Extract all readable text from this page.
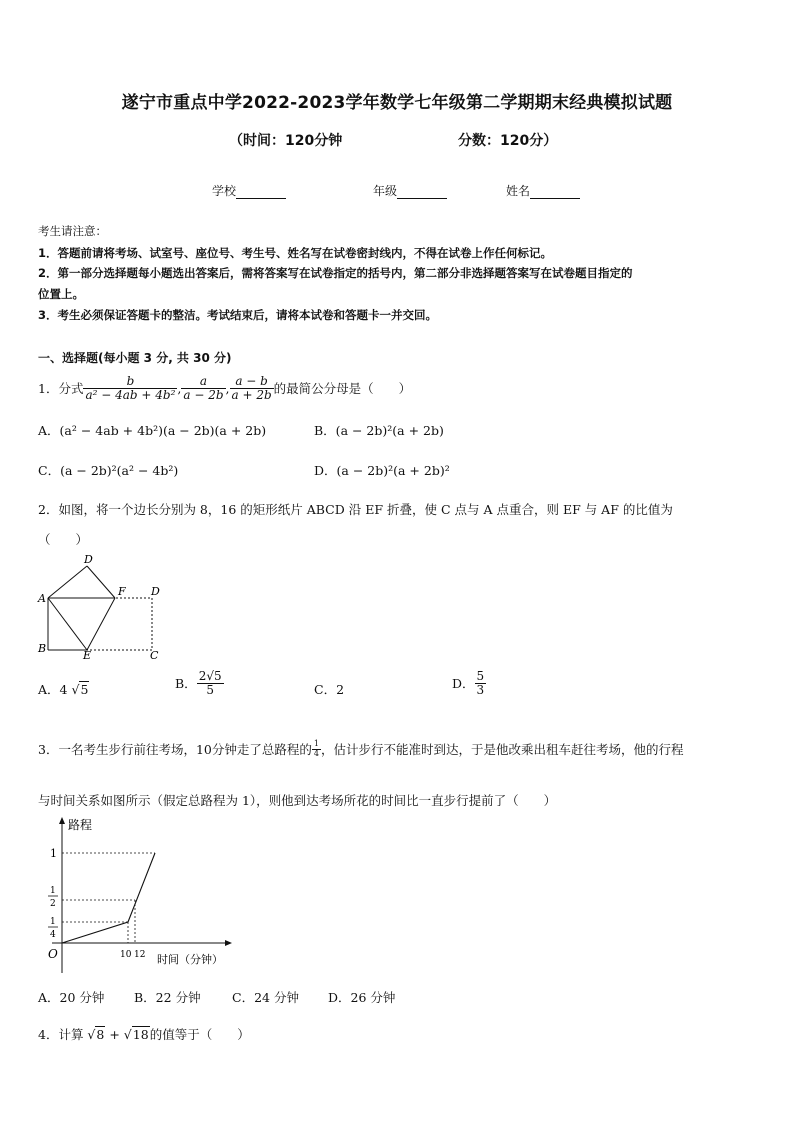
遂宁市重点中学2022-2023学年数学七年级第二学期期末经典模拟试题
（时间：120分钟	分数：120分）
学校	年级	姓名
考生请注意：
1．答题前请将考场、试室号、座位号、考生号、姓名写在试卷密封线内，不得在试卷上作任何标记。
2．第一部分选择题每小题选出答案后，需将答案写在试卷指定的括号内，第二部分非选择题答案写在试卷题目指定的
位置上。
3．考生必须保证答题卡的整洁。考试结束后，请将本试卷和答题卡一并交回。
一、选择题(每小题 3 分, 共 30 分)
1．分式 $\frac{b}{\text{a² − 4ab + 4b²}}$ , $\frac{a}{a - 2b}$ , $\frac{a - b}{a + 2b}$ 的最简公分母是（　　）
A．(a² − 4ab + 4b²)(a − 2b)(a + 2b)	B．(a − 2b)²(a + 2b)
C．(a − 2b)²(a² − 4b²)	D．(a − 2b)²(a + 2b)²
2．如图，将一个边长分别为 8，16 的矩形纸片 ABCD 沿 EF 折叠，使 C 点与 A 点重合，则 EF 与 AF 的比值为
（　　）
D
A
F D
B
E	C
A．4 √5	B． $\frac{2√5}{5}$	C．2	D． $\frac{5}{3}$
3．一名考生步行前往考场，10分钟走了总路程的 $\frac{1}{4}$ ，估计步行不能准时到达，于是他改乘出租车赶往考场，他的行程
与时间关系如图所示（假定总路程为 1），则他到达考场所花的时间比一直步行提前了（　　）
路程
1
1
2
1
4
O	10 12 时间（分钟）
A．20 分钟 B．22 分钟	C．24 分钟 D．26 分钟
4．计算 √8 + √18的值等于（　　）
